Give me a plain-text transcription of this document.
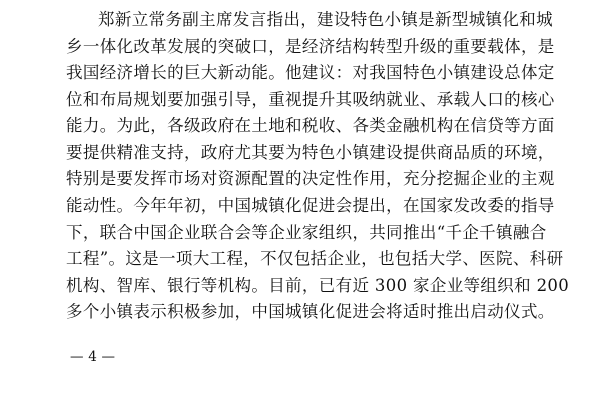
郑新立常务副主席发言指出，建设特色小镇是新型城镇化和城
乡一体化改革发展的突破口，是经济结构转型升级的重要载体，是
我国经济增长的巨大新动能。他建议：对我国特色小镇建设总体定
位和布局规划要加强引导，重视提升其吸纳就业、承载人口的核心
能力。为此，各级政府在土地和税收、各类金融机构在信贷等方面
要提供精准支持，政府尤其要为特色小镇建设提供商品质的环境，
特别是要发挥市场对资源配置的决定性作用，充分挖掘企业的主观
能动性。今年年初，中国城镇化促进会提出，在国家发改委的指导
下，联合中国企业联合会等企业家组织，共同推出“千企千镇融合
工程”。这是一项大工程，不仅包括企业，也包括大学、医院、科研
机构、智库、银行等机构。目前，已有近 300 家企业等组织和 200
多个小镇表示积极参加，中国城镇化促进会将适时推出启动仪式。
— 4 —
